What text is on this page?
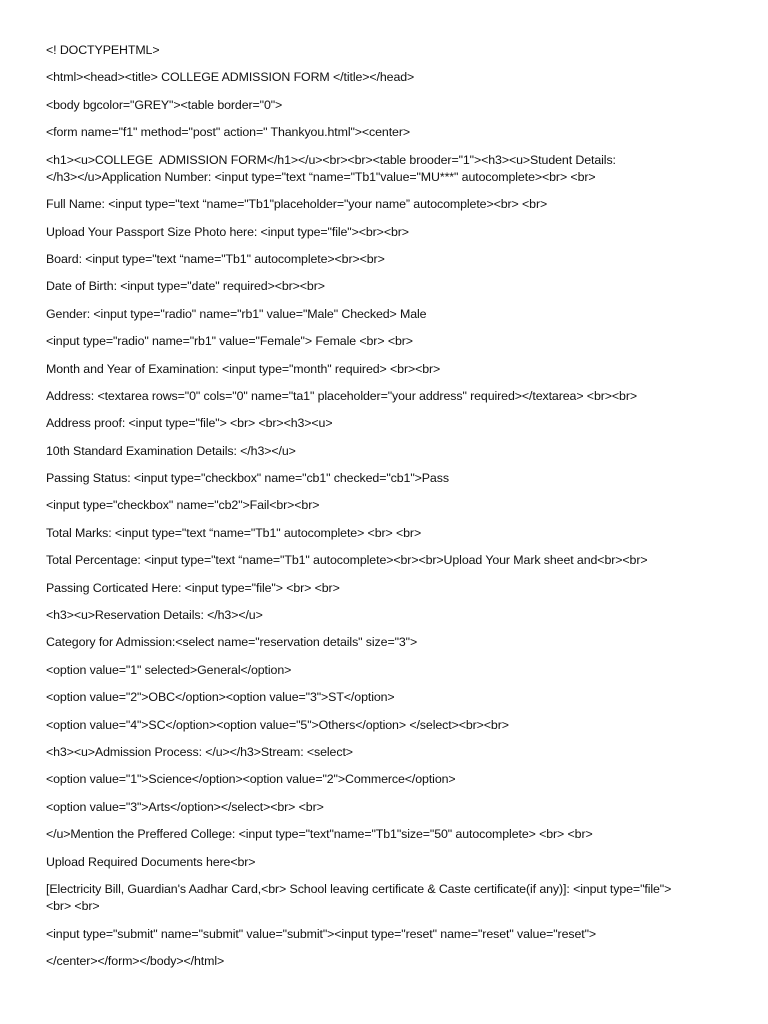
<! DOCTYPEHTML>

<html><head><title> COLLEGE ADMISSION FORM </title></head>

<body bgcolor="GREY"><table border="0">

<form name="f1" method="post" action=" Thankyou.html"><center>

<h1><u>COLLEGE  ADMISSION FORM</h1></u><br><br><table brooder="1"><h3><u>Student Details:
</h3></u>Application Number: <input type="text “name="Tb1"value="MU***" autocomplete><br> <br>

Full Name: <input type="text “name="Tb1"placeholder="your name” autocomplete><br> <br>

Upload Your Passport Size Photo here: <input type="file"><br><br>

Board: <input type="text “name="Tb1" autocomplete><br><br>

Date of Birth: <input type="date" required><br><br>

Gender: <input type="radio" name="rb1" value="Male" Checked> Male

<input type="radio" name="rb1" value="Female"> Female <br> <br>

Month and Year of Examination: <input type="month" required> <br><br>

Address: <textarea rows="0" cols="0" name="ta1" placeholder="your address" required></textarea> <br><br>

Address proof: <input type="file"> <br> <br><h3><u>

10th Standard Examination Details: </h3></u>

Passing Status: <input type="checkbox" name="cb1" checked="cb1">Pass

<input type="checkbox" name="cb2">Fail<br><br>

Total Marks: <input type="text “name="Tb1" autocomplete> <br> <br>

Total Percentage: <input type="text “name="Tb1" autocomplete><br><br>Upload Your Mark sheet and<br><br>

Passing Corticated Here: <input type="file"> <br> <br>

<h3><u>Reservation Details: </h3></u>

Category for Admission:<select name="reservation details" size="3">

<option value="1" selected>General</option>

<option value="2">OBC</option><option value="3">ST</option>

<option value="4">SC</option><option value="5">Others</option> </select><br><br>

<h3><u>Admission Process: </u></h3>Stream: <select>

<option value="1">Science</option><option value="2">Commerce</option>

<option value="3">Arts</option></select><br> <br>

</u>Mention the Preffered College: <input type="text"name="Tb1"size="50" autocomplete> <br> <br>

Upload Required Documents here<br>

[Electricity Bill, Guardian's Aadhar Card,<br> School leaving certificate & Caste certificate(if any)]: <input type="file">
<br> <br>

<input type="submit" name="submit" value="submit"><input type="reset" name="reset" value="reset">

</center></form></body></html>
